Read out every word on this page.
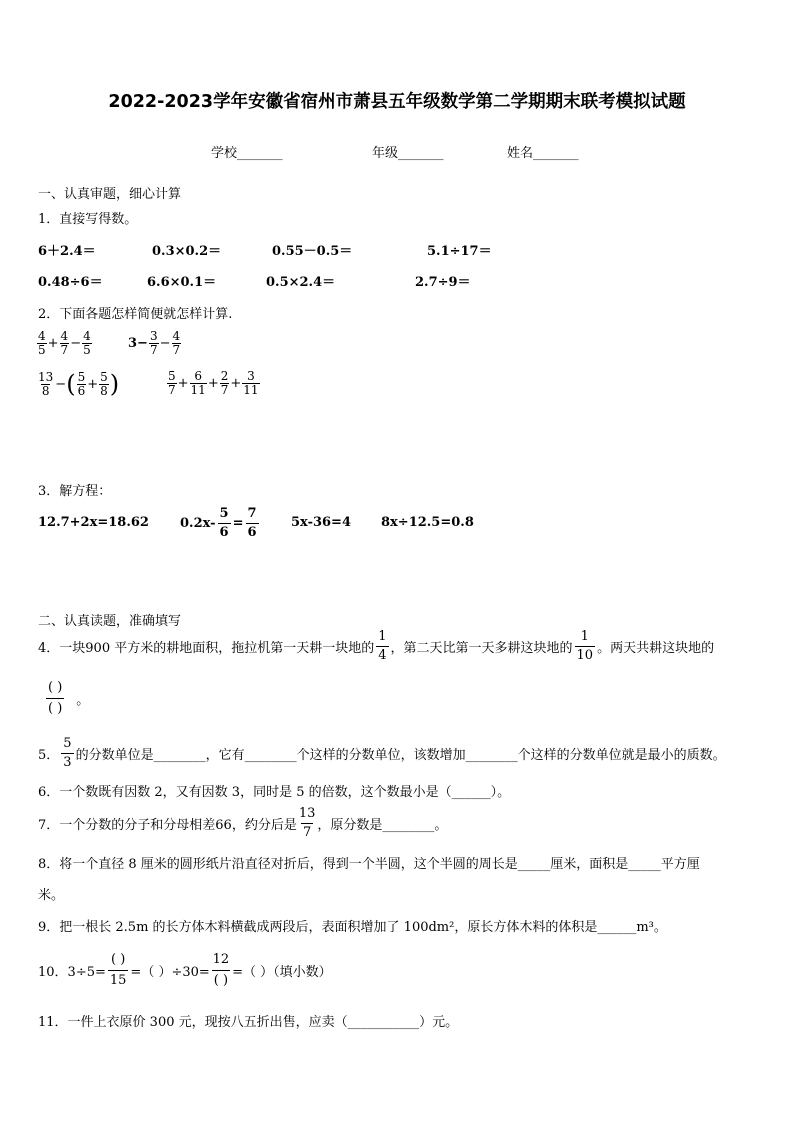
2022-2023学年安徽省宿州市萧县五年级数学第二学期期末联考模拟试题
学校_______	年级_______	姓名_______
一、认真审题，细心计算
1．直接写得数。
6＋2.4＝	0.3×0.2＝	0.55－0.5＝	5.1÷17＝
0.48÷6＝	6.6×0.1＝	0.5×2.4＝	2.7÷9＝
2．下面各题怎样简便就怎样计算.
$\frac{4}{5} + \frac{4}{7} - \frac{4}{5}$	$3- \frac{3}{7} - \frac{4}{7}$
$\frac{13}{8}$ − ( $\frac{5}{6} + \frac{5}{8}$ )	$\frac{5}{7} + \frac{6}{11} + \frac{2}{7} + \frac{3}{11}$
3．解方程：
12.7+2x=18.62 $0.2x- \frac{5}{6} = \frac{7}{6} 5x-36=4$ 8x÷12.5=0.8
二、认真读题，准确填写
4．一块900 平方米的耕地面积，拖拉机第一天耕一块地的 $\frac{1}{4}$ ，第二天比第一天多耕这块地的 $\frac{1}{10}$ 。两天共耕这块地的
$\frac{( )}{( )}$ 。
5． $\frac{5}{3}$ 的分数单位是________，它有________个这样的分数单位，该数增加________个这样的分数单位就是最小的质数。
6．一个数既有因数 2，又有因数 3，同时是 5 的倍数，这个数最小是（______）。
7．一个分数的分子和分母相差66，约分后是 $\frac{13}{7}$ ，原分数是________。
8．将一个直径 8 厘米的圆形纸片沿直径对折后，得到一个半圆，这个半圆的周长是_____厘米，面积是_____平方厘
米。
9．把一根长 2.5m 的长方体木料横截成两段后，表面积增加了 100dm²，原长方体木料的体积是______m³。
10．$3\div 5= \frac{( )}{15}$ =（ ）$\div 30= \frac{12}{( )}$ =（ ）（填小数）
11．一件上衣原价 300 元，现按八五折出售，应卖（___________）元。
